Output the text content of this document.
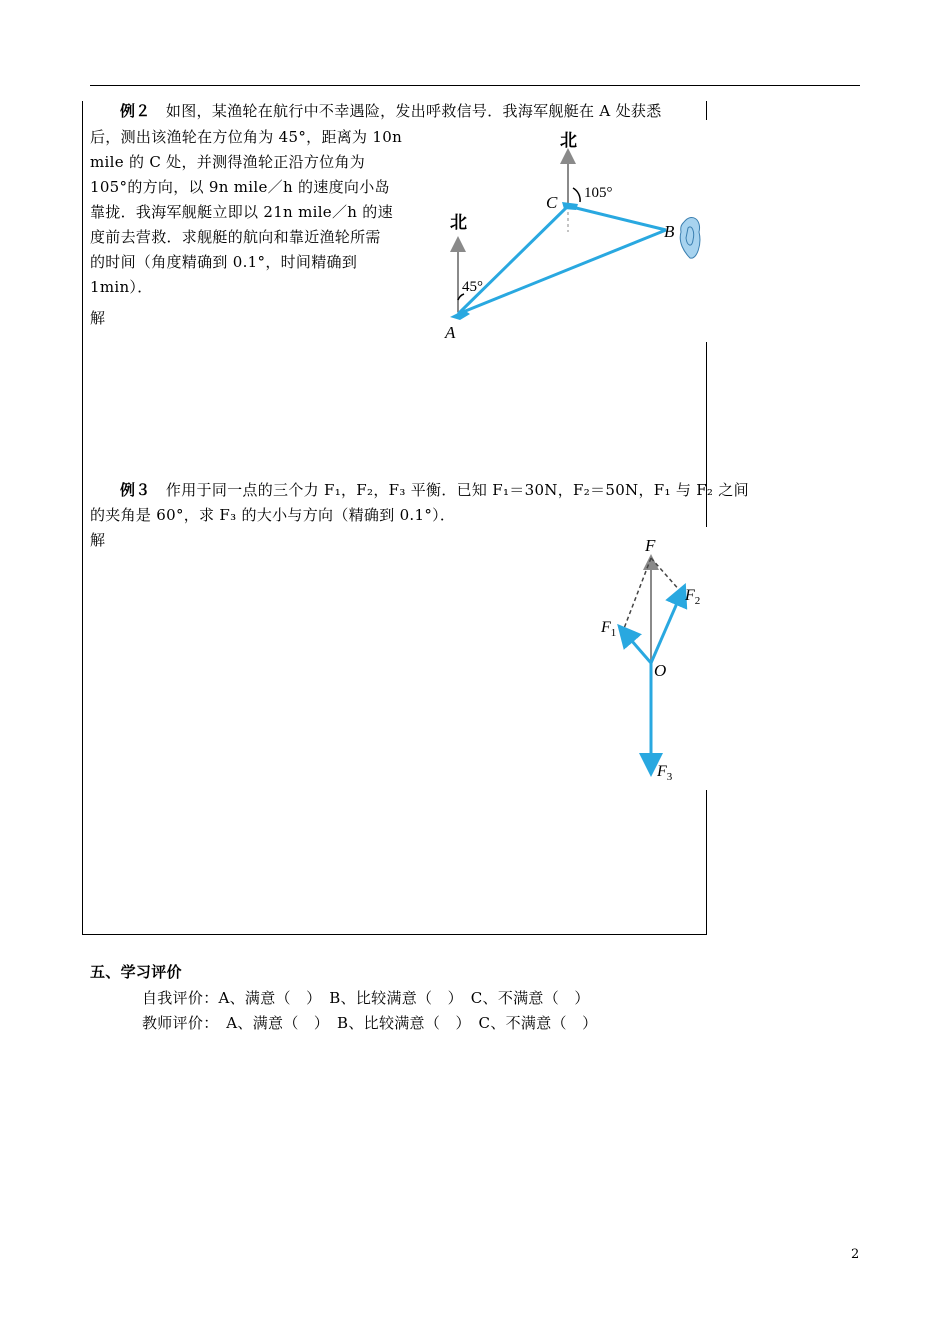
例２　 如图，某渔轮在航行中不幸遇险，发出呼救信号．我海军舰艇在 A 处获悉
后，测出该渔轮在方位角为 45°，距离为 10n
mile 的 C 处，并测得渔轮正沿方位角为
105°的方向，以 9n mile／h 的速度向小岛
靠拢．我海军舰艇立即以 21n mile／h 的速
度前去营救．求舰艇的航向和靠近渔轮所需
的时间（角度精确到 0.1°，时间精确到
1min）．
解
北
北
105°
45°
A
B
C
例３　 作用于同一点的三个力 F₁，F₂，F₃ 平衡．已知 F₁＝30N，F₂＝50N，F₁ 与 F₂ 之间
的夹角是 60°，求 F₃ 的大小与方向（精确到 0.1°）．
解	F
$F_1$
$F_2$
$F_3$
O
五、学习评价
自我评价：A、满意（　）　B、比较满意（　）　C、不满意（　）
教师评价：　A、满意（　）　B、比较满意（　）　C、不满意（　）
2
